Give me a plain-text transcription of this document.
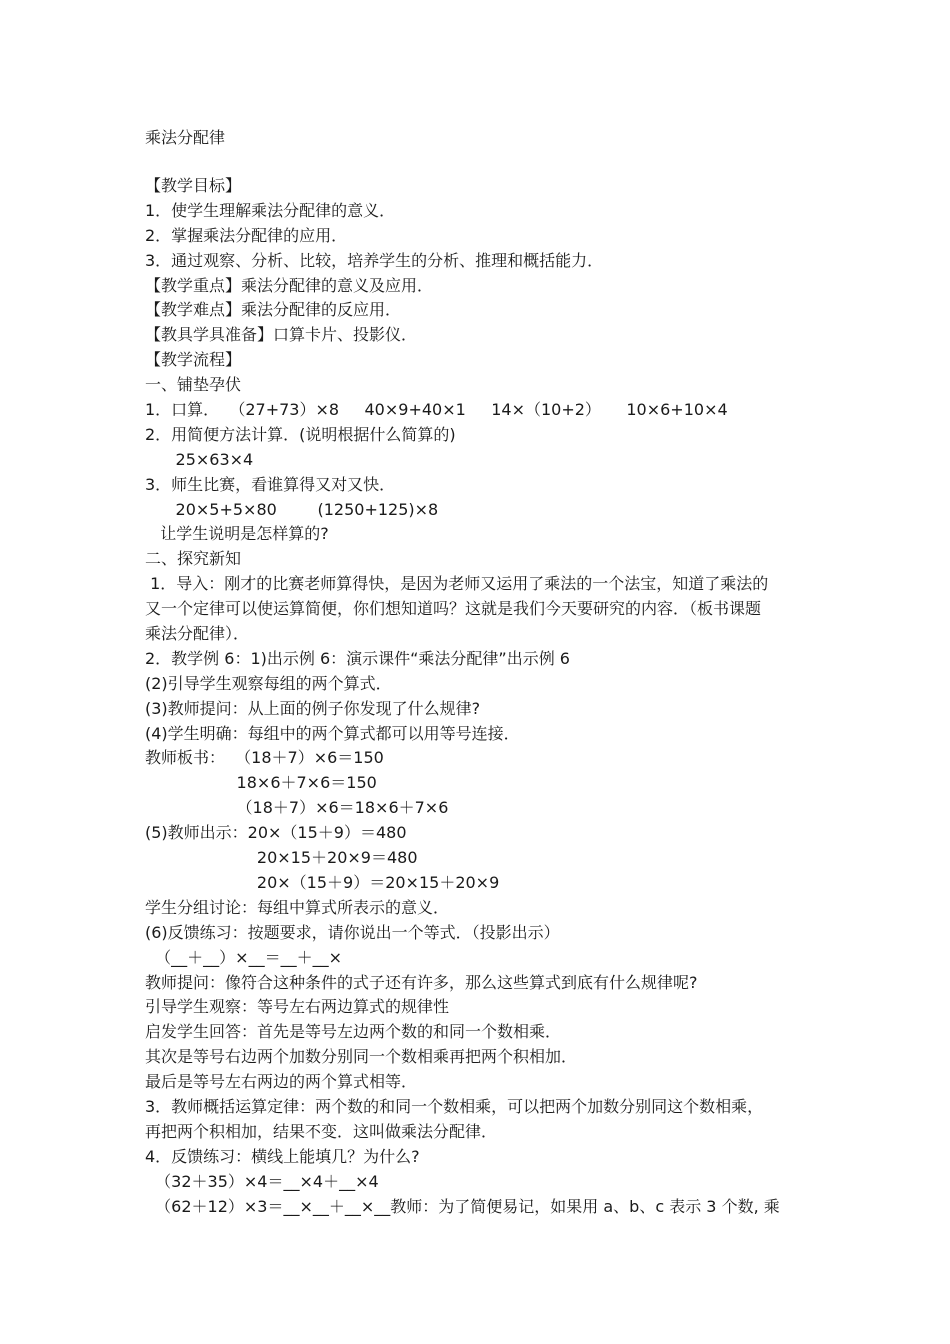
乘法分配律
【教学目标】
1．使学生理解乘法分配律的意义．
2．掌握乘法分配律的应用．
3．通过观察、分析、比较，培养学生的分析、推理和概括能力．
【教学重点】乘法分配律的意义及应用．
【教学难点】乘法分配律的反应用．
【教具学具准备】口算卡片、投影仪．
【教学流程】
一、铺垫孕伏
1．口算．  （27+73）×8     40×9+40×1     14×（10+2）     10×6+10×4
2．用简便方法计算．(说明根据什么简算的)
25×63×4
3．师生比赛，看谁算得又对又快．
20×5+5×80        (1250+125)×8
让学生说明是怎样算的?
二、探究新知
1．导入：刚才的比赛老师算得快，是因为老师又运用了乘法的一个法宝，知道了乘法的
又一个定律可以使运算简便，你们想知道吗？这就是我们今天要研究的内容．（板书课题
乘法分配律）．
2．教学例 6：1)出示例 6：演示课件“乘法分配律”出示例 6
(2)引导学生观察每组的两个算式．
(3)教师提问：从上面的例子你发现了什么规律?
(4)学生明确：每组中的两个算式都可以用等号连接．
教师板书：  （18＋7）×6＝150
18×6＋7×6＝150
（18＋7）×6＝18×6＋7×6
(5)教师出示：20×（15＋9）＝480
20×15＋20×9＝480
20×（15＋9）＝20×15＋20×9
学生分组讨论：每组中算式所表示的意义．
(6)反馈练习：按题要求，请你说出一个等式．（投影出示）
（__＋__）×__＝__＋__×
教师提问：像符合这种条件的式子还有许多，那么这些算式到底有什么规律呢?
引导学生观察：等号左右两边算式的规律性
启发学生回答：首先是等号左边两个数的和同一个数相乘．
其次是等号右边两个加数分别同一个数相乘再把两个积相加．
最后是等号左右两边的两个算式相等．
3．教师概括运算定律：两个数的和同一个数相乘，可以把两个加数分别同这个数相乘，
再把两个积相加，结果不变．这叫做乘法分配律．
4．反馈练习：横线上能填几？为什么?
（32＋35）×4＝__×4＋__×4
（62＋12）×3＝__×__＋__×__教师：为了简便易记，如果用 a、b、c 表示 3 个数, 乘
